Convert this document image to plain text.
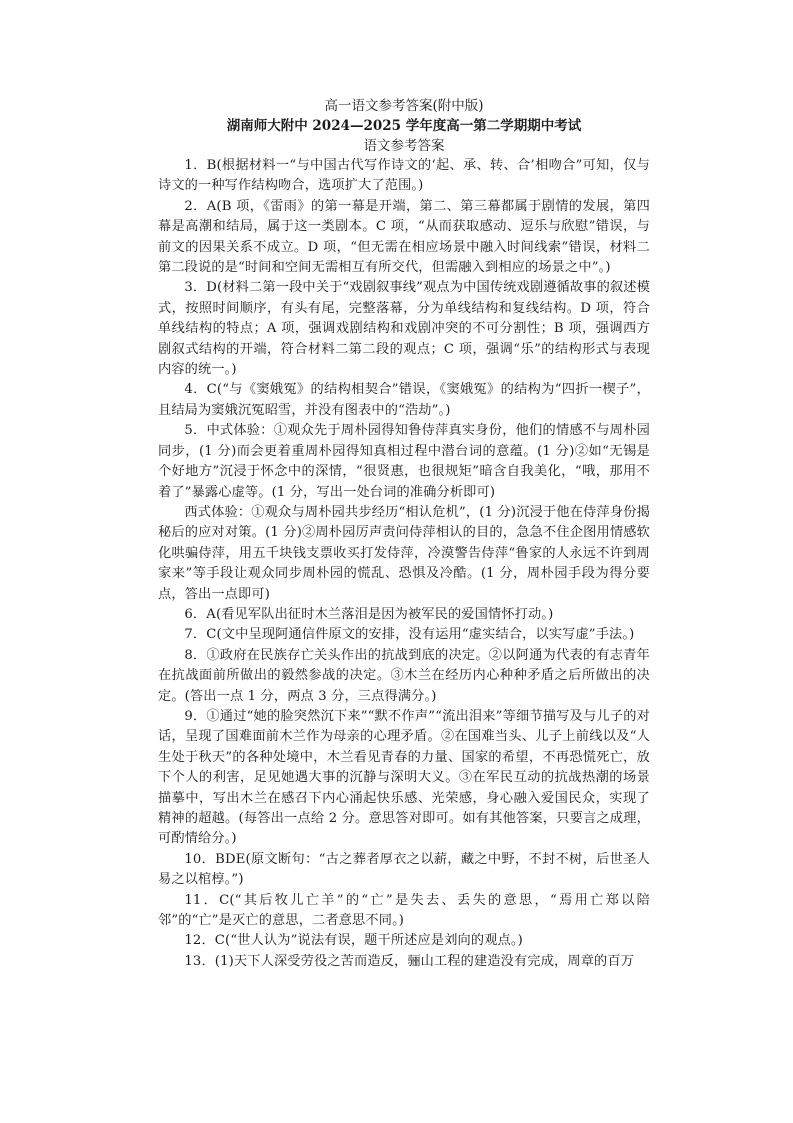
高一语文参考答案(附中版)

湖南师大附中 2024—2025 学年度高一第二学期期中考试

语文参考答案

1．B(根据材料一“与中国古代写作诗文的‘起、承、转、合’相吻合”可知，仅与诗文的一种写作结构吻合，选项扩大了范围。)

2．A(B 项，《雷雨》的第一幕是开端，第二、第三幕都属于剧情的发展，第四幕是高潮和结局，属于这一类剧本。C 项，“从而获取感动、逗乐与欣慰”错误，与前文的因果关系不成立。D 项，“但无需在相应场景中融入时间线索”错误，材料二第二段说的是“时间和空间无需相互有所交代，但需融入到相应的场景之中”。)

3．D(材料二第一段中关于“戏剧叙事线”观点为中国传统戏剧遵循故事的叙述模式，按照时间顺序，有头有尾，完整落幕，分为单线结构和复线结构。D 项，符合单线结构的特点；A 项，强调戏剧结构和戏剧冲突的不可分割性；B 项，强调西方剧叙式结构的开端，符合材料二第二段的观点；C 项，强调“乐”的结构形式与表现内容的统一。)

4．C(“与《窦娥冤》的结构相契合”错误，《窦娥冤》的结构为“四折一楔子”，且结局为窦娥沉冤昭雪，并没有图表中的“浩劫”。)

5．中式体验：①观众先于周朴园得知鲁侍萍真实身份，他们的情感不与周朴园同步，(1 分)而会更着重周朴园得知真相过程中潜台词的意蕴。(1 分)②如“无锡是个好地方”沉浸于怀念中的深情，“很贤惠，也很规矩”暗含自我美化，“哦，那用不着了”暴露心虚等。(1 分，写出一处台词的准确分析即可)

西式体验：①观众与周朴园共步经历“相认危机”，(1 分)沉浸于他在侍萍身份揭秘后的应对对策。(1 分)②周朴园厉声责问侍萍相认的目的，急急不住企图用情感软化哄骗侍萍，用五千块钱支票收买打发侍萍，冷漠警告侍萍“鲁家的人永远不许到周家来”等手段让观众同步周朴园的慌乱、恐惧及冷酷。(1 分，周朴园手段为得分要点，答出一点即可)

6．A(看见军队出征时木兰落泪是因为被军民的爱国情怀打动。)

7．C(文中呈现阿通信件原文的安排，没有运用“虚实结合，以实写虚”手法。)

8．①政府在民族存亡关头作出的抗战到底的决定。②以阿通为代表的有志青年在抗战面前所做出的毅然参战的决定。③木兰在经历内心种种矛盾之后所做出的决定。(答出一点 1 分，两点 3 分，三点得满分。)

9．①通过“她的脸突然沉下来”“默不作声”“流出泪来”等细节描写及与儿子的对话，呈现了国难面前木兰作为母亲的心理矛盾。②在国难当头、儿子上前线以及“人生处于秋天”的各种处境中，木兰看见青春的力量、国家的希望，不再恐慌死亡，放下个人的利害，足见她遇大事的沉静与深明大义。③在军民互动的抗战热潮的场景描摹中，写出木兰在感召下内心涌起快乐感、光荣感，身心融入爱国民众，实现了精神的超越。(每答出一点给 2 分。意思答对即可。如有其他答案，只要言之成理，可酌情给分。)

10．BDE(原文断句：“古之葬者厚衣之以薪，藏之中野，不封不树，后世圣人易之以棺椁。”)

11．C(“其后牧儿亡羊”的“亡”是失去、丢失的意思，“焉用亡郑以陪邻”的“亡”是灭亡的意思，二者意思不同。)

12．C(“世人认为”说法有误，题干所述应是刘向的观点。)

13．(1)天下人深受劳役之苦而造反，骊山工程的建造没有完成，周章的百万
